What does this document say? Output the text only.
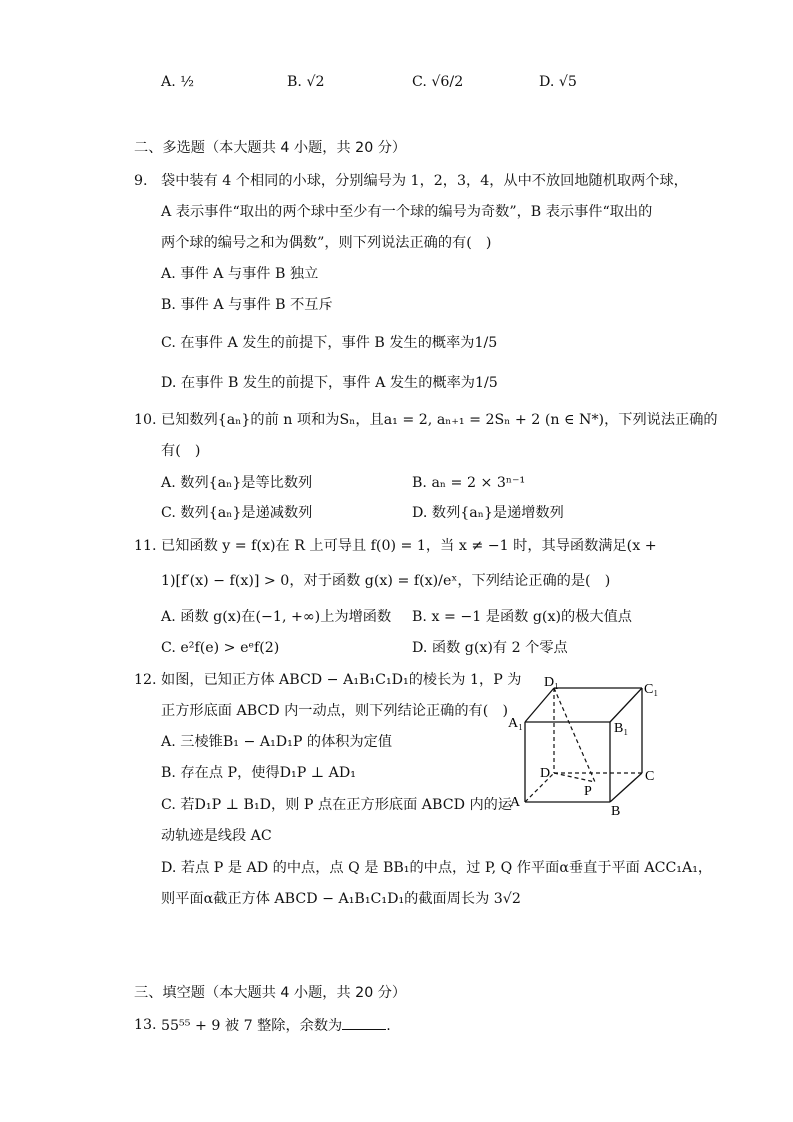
A. ½	B. √2	C. √6/2	D. √5
二、多选题（本大题共 4 小题，共 20 分）
9. 袋中装有 4 个相同的小球，分别编号为 1，2，3，4，从中不放回地随机取两个球，
A 表示事件“取出的两个球中至少有一个球的编号为奇数”，B 表示事件“取出的
两个球的编号之和为偶数”，则下列说法正确的有(　)
A. 事件 A 与事件 B 独立
B. 事件 A 与事件 B 不互斥
C. 在事件 A 发生的前提下，事件 B 发生的概率为1/5
D. 在事件 B 发生的前提下，事件 A 发生的概率为1/5
10. 已知数列{aₙ}的前 n 项和为Sₙ，且a₁ = 2, aₙ₊₁ = 2Sₙ + 2 (n ∈ N*)，下列说法正确的
有(　)
A. 数列{aₙ}是等比数列	B. aₙ = 2 × 3ⁿ⁻¹
C. 数列{aₙ}是递减数列	D. 数列{aₙ}是递增数列
11. 已知函数 y = f(x)在 R 上可导且 f(0) = 1，当 x ≠ −1 时，其导函数满足(x +
1)[f′(x) − f(x)] > 0，对于函数 g(x) = f(x)/eˣ，下列结论正确的是(　)
A. 函数 g(x)在(−1, +∞)上为增函数 B. x = −1 是函数 g(x)的极大值点
C. e²f(e) > eᵉf(2)	D. 函数 g(x)有 2 个零点
12. 如图，已知正方体 ABCD − A₁B₁C₁D₁的棱长为 1，P 为
正方形底面 ABCD 内一动点，则下列结论正确的有(　)
A. 三棱锥B₁ − A₁D₁P 的体积为定值
B. 存在点 P，使得D₁P ⊥ AD₁
C. 若D₁P ⊥ B₁D，则 P 点在正方形底面 ABCD 内的运
动轨迹是线段 AC
D. 若点 P 是 AD 的中点，点 Q 是 BB₁的中点，过 P, Q 作平面α垂直于平面 ACC₁A₁，
则平面α截正方体 ABCD − A₁B₁C₁D₁的截面周长为 3√2
D₁	C₁
A₁	B₁
D	C
A
B
P
三、填空题（本大题共 4 小题，共 20 分）
13. 55⁵⁵ + 9 被 7 整除，余数为	.
